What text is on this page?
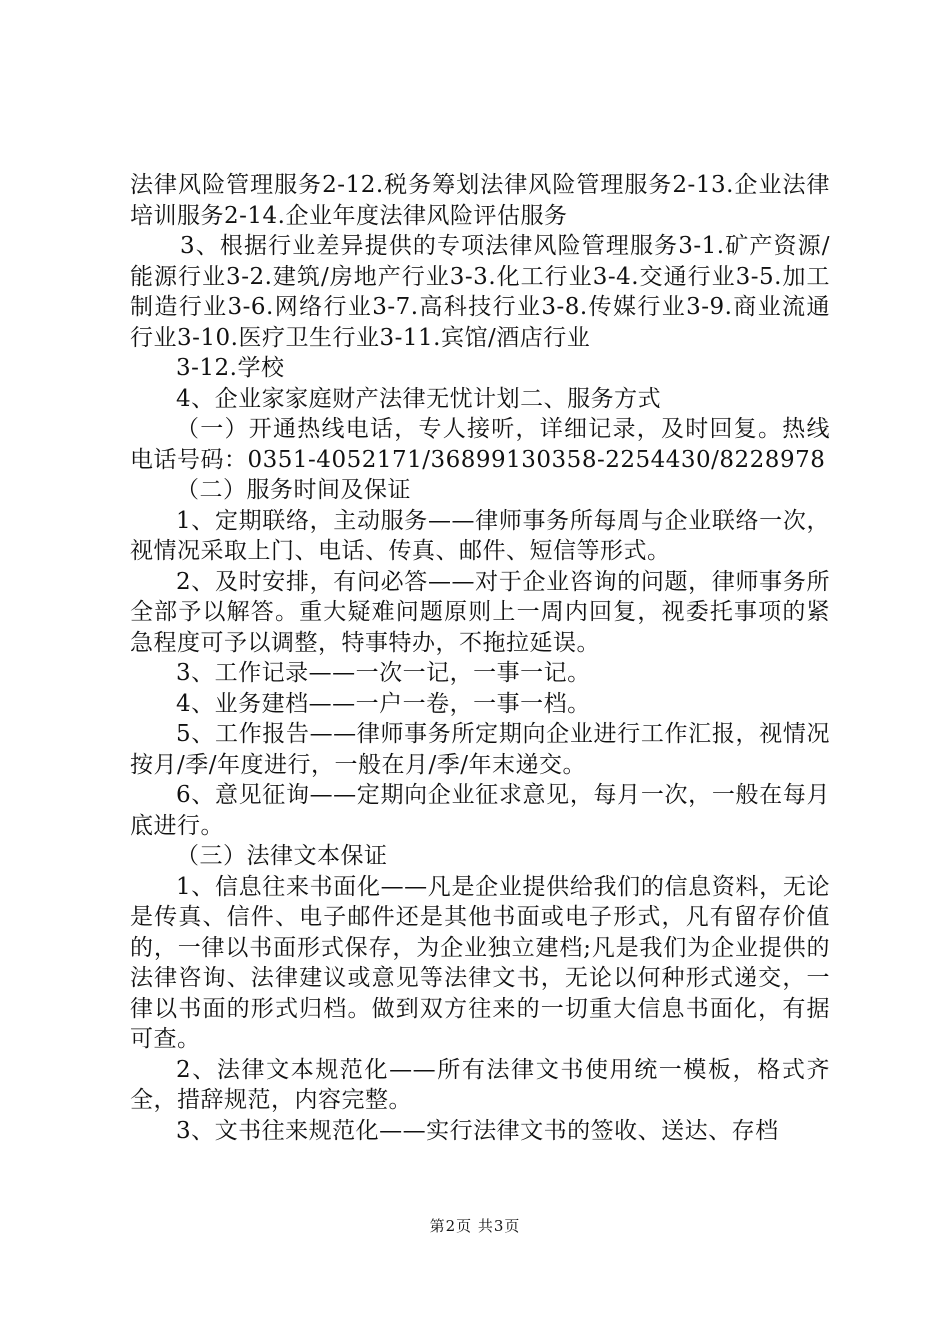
法律风险管理服务2-12.税务筹划法律风险管理服务2-13.企业法律培训服务2-14.企业年度法律风险评估服务

3、根据行业差异提供的专项法律风险管理服务3-1.矿产资源/能源行业3-2.建筑/房地产行业3-3.化工行业3-4.交通行业3-5.加工制造行业3-6.网络行业3-7.高科技行业3-8.传媒行业3-9.商业流通行业3-10.医疗卫生行业3-11.宾馆/酒店行业

3-12.学校

4、企业家家庭财产法律无忧计划二、服务方式

（一）开通热线电话，专人接听，详细记录，及时回复。热线电话号码：0351-4052171/36899130358-2254430/8228978

（二）服务时间及保证

1、定期联络，主动服务——律师事务所每周与企业联络一次，视情况采取上门、电话、传真、邮件、短信等形式。

2、及时安排，有问必答——对于企业咨询的问题，律师事务所全部予以解答。重大疑难问题原则上一周内回复，视委托事项的紧急程度可予以调整，特事特办，不拖拉延误。

3、工作记录——一次一记，一事一记。

4、业务建档——一户一卷，一事一档。

5、工作报告——律师事务所定期向企业进行工作汇报，视情况按月/季/年度进行，一般在月/季/年末递交。

6、意见征询——定期向企业征求意见，每月一次，一般在每月底进行。

（三）法律文本保证

1、信息往来书面化——凡是企业提供给我们的信息资料，无论是传真、信件、电子邮件还是其他书面或电子形式，凡有留存价值的，一律以书面形式保存，为企业独立建档;凡是我们为企业提供的法律咨询、法律建议或意见等法律文书，无论以何种形式递交，一律以书面的形式归档。做到双方往来的一切重大信息书面化，有据可查。

2、法律文本规范化——所有法律文书使用统一模板，格式齐全，措辞规范，内容完整。

3、文书往来规范化——实行法律文书的签收、送达、存档

第2页 共3页
